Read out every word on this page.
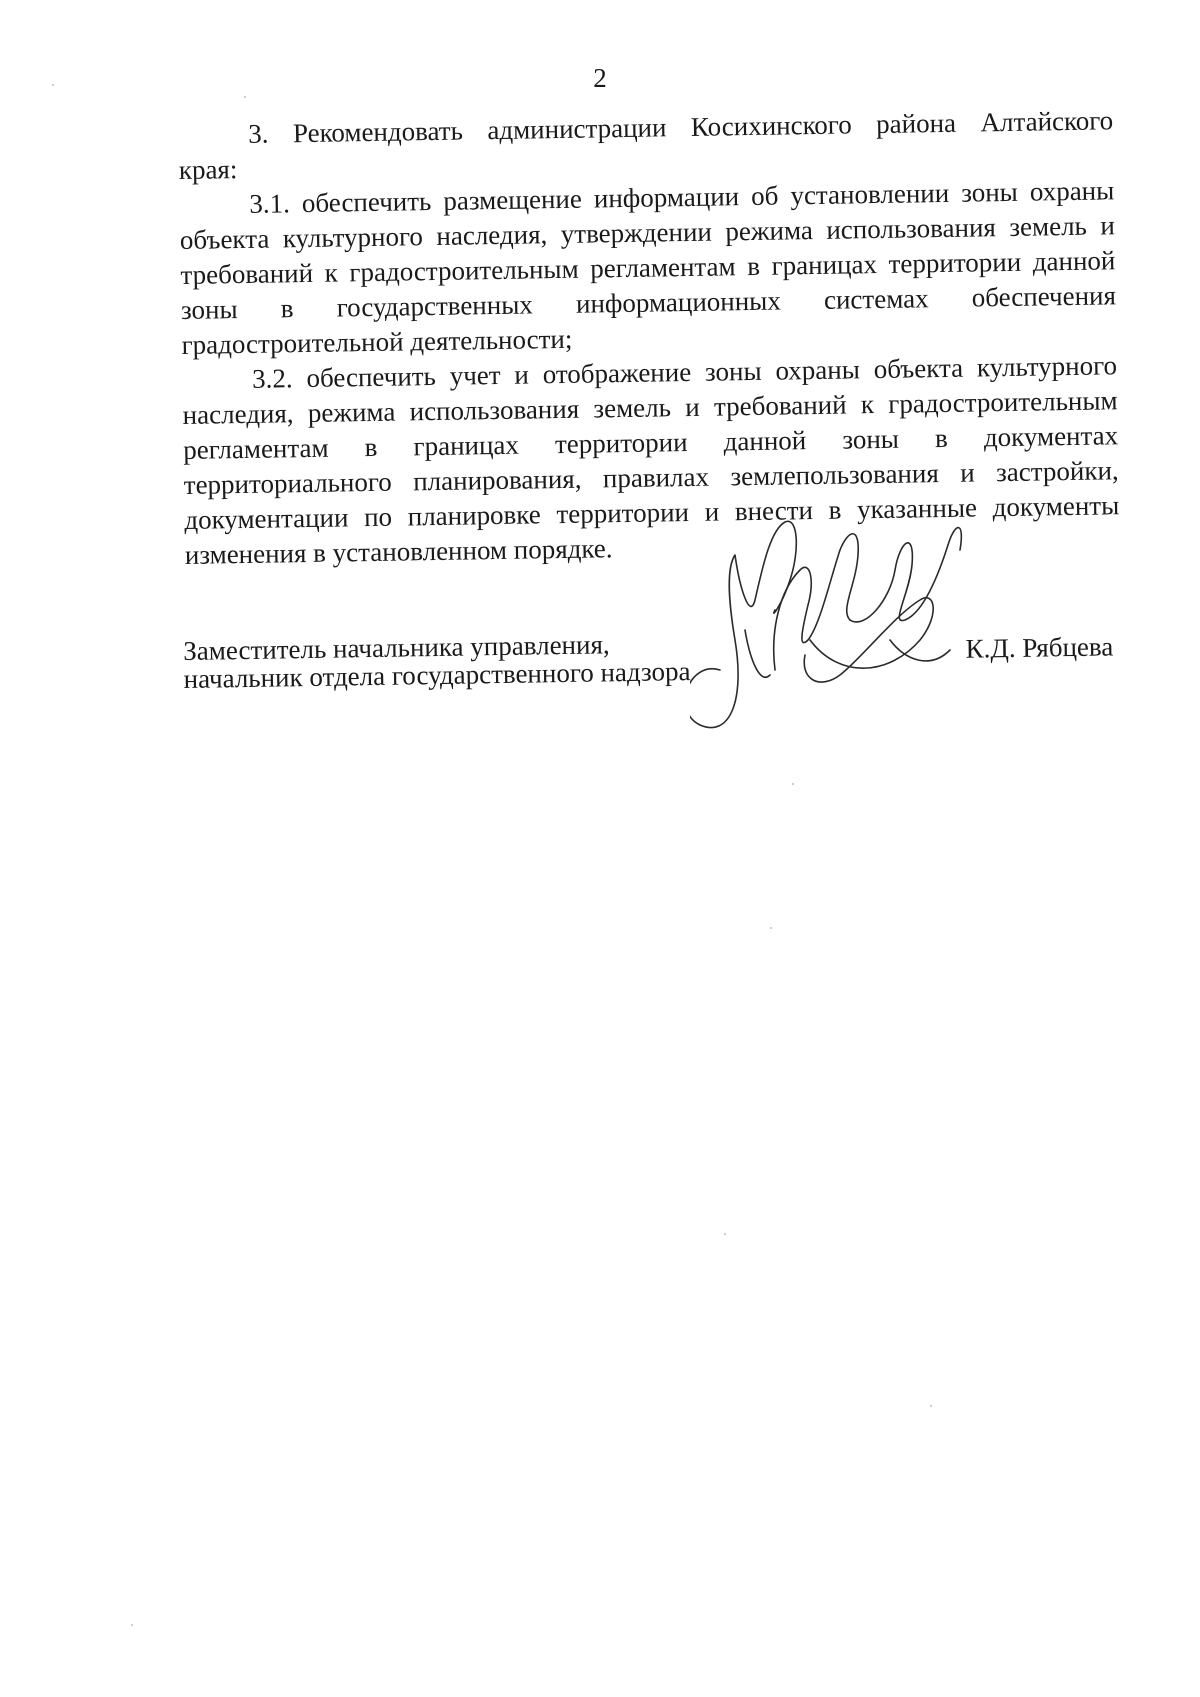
2

3. Рекомендовать администрации Косихинского района Алтайского края:

3.1. обеспечить размещение информации об установлении зоны охраны объекта культурного наследия, утверждении режима использования земель и требований к градостроительным регламентам в границах территории данной зоны в государственных информационных системах обеспечения градостроительной деятельности;

3.2. обеспечить учет и отображение зоны охраны объекта культурного наследия, режима использования земель и требований к градостроительным регламентам в границах территории данной зоны в документах территориального планирования, правилах землепользования и застройки, документации по планировке территории и внести в указанные документы изменения в установленном порядке.

Заместитель начальника управления,
начальник отдела государственного надзора
К.Д. Рябцева
